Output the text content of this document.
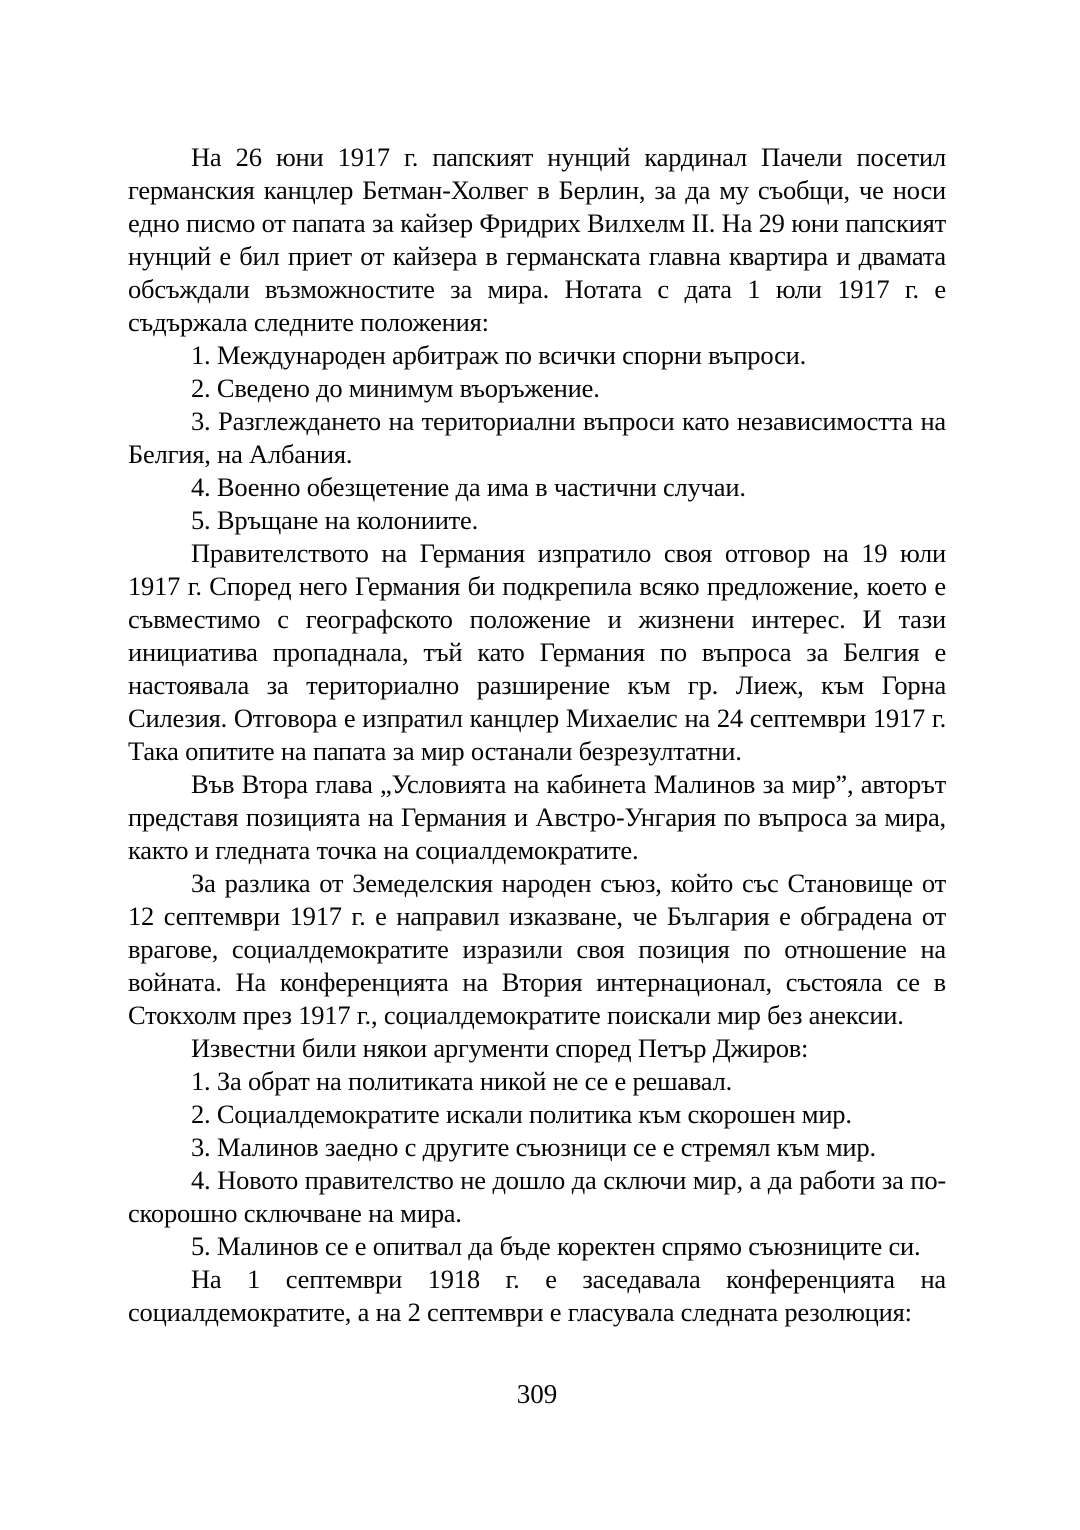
На 26 юни 1917 г. папският нунций кардинал Пачели посетил германския канцлер Бетман-Холвег в Берлин, за да му съобщи, че носи едно писмо от папата за кайзер Фридрих Вилхелм II. На 29 юни папският нунций е бил приет от кайзера в германската главна квартира и двамата обсъждали възможностите за мира. Нотата с дата 1 юли 1917 г. е съдържала следните положения:

1. Международен арбитраж по всички спорни въпроси.

2. Сведено до минимум въоръжение.

3. Разглеждането на териториални въпроси като независимостта на Белгия, на Албания.

4. Военно обезщетение да има в частични случаи.

5. Връщане на колониите.

Правителството на Германия изпратило своя отговор на 19 юли 1917 г. Според него Германия би подкрепила всяко предложение, което е съвместимо с географското положение и жизнени интерес. И тази инициатива пропаднала, тъй като Германия по въпроса за Белгия е настоявала за териториално разширение към гр. Лиеж, към Горна Силезия. Отговора е изпратил канцлер Михаелис на 24 септември 1917 г. Така опитите на папата за мир останали безрезултатни.

Във Втора глава „Условията на кабинета Малинов за мир”, авторът представя позицията на Германия и Австро-Унгария по въпроса за мира, както и гледната точка на социалдемократите.

За разлика от Земеделския народен съюз, който със Становище от 12 септември 1917 г. е направил изказване, че България е обградена от врагове, социалдемократите изразили своя позиция по отношение на войната. На конференцията на Втория интернационал, състояла се в Стокхолм през 1917 г., социалдемократите поискали мир без анексии.

Известни били някои аргументи според Петър Джиров:

1. За обрат на политиката никой не се е решавал.

2. Социалдемократите искали политика към скорошен мир.

3. Малинов заедно с другите съюзници се е стремял към мир.

4. Новото правителство не дошло да сключи мир, а да работи за по-скорошно сключване на мира.

5. Малинов се е опитвал да бъде коректен спрямо съюзниците си.

На 1 септември 1918 г. е заседавала конференцията на социалдемократите, а на 2 септември е гласувала следната резолюция:

309
